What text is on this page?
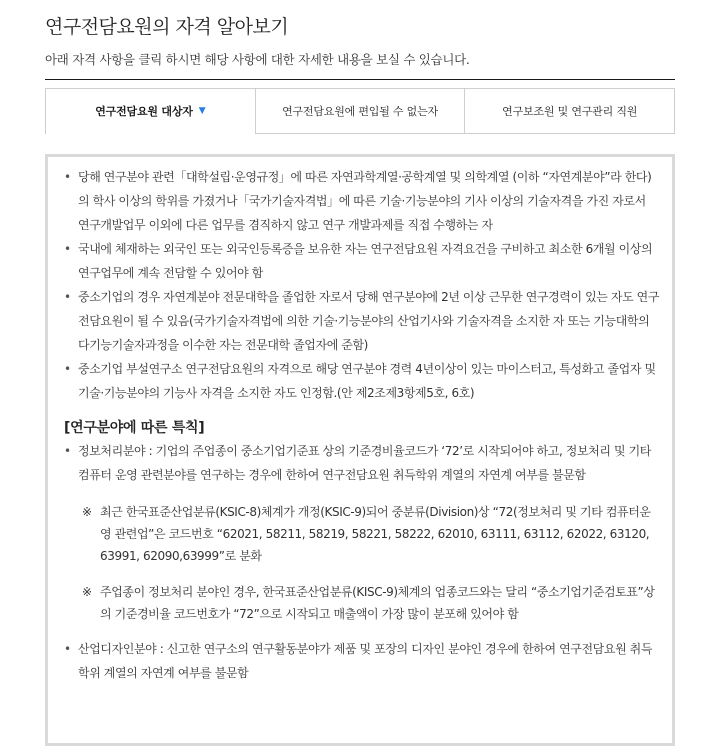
연구전담요원의 자격 알아보기
아래 자격 사항을 클릭 하시면 해당 사항에 대한 자세한 내용을 보실 수 있습니다.
연구전담요원 대상자 ▼	연구전담요원에 편입될 수 없는자	연구보조원 및 연구관리 직원
• 당해 연구분야 관련「대학설립·운영규정」에 따른 자연과학계열·공학계열 및 의학계열 (이하 “자연계분야”라 한다)의 학사 이상의 학위를 가졌거나「국가기술자격법」에 따른 기술·기능분야의 기사 이상의 기술자격을 가진 자로서 연구개발업무 이외에 다른 업무를 겸직하지 않고 연구 개발과제를 직접 수행하는 자
• 국내에 체재하는 외국인 또는 외국인등록증을 보유한 자는 연구전담요원 자격요건을 구비하고 최소한 6개월 이상의 연구업무에 계속 전담할 수 있어야 함
• 중소기업의 경우 자연계분야 전문대학을 졸업한 자로서 당해 연구분야에 2년 이상 근무한 연구경력이 있는 자도 연구전담요원이 될 수 있음(국가기술자격법에 의한 기술·기능분야의 산업기사와 기술자격을 소지한 자 또는 기능대학의 다기능기술자과정을 이수한 자는 전문대학 졸업자에 준함)
• 중소기업 부설연구소 연구전담요원의 자격으로 해당 연구분야 경력 4년이상이 있는 마이스터고, 특성화고 졸업자 및 기술·기능분야의 기능사 자격을 소지한 자도 인정함.(안 제2조제3항제5호, 6호)
[연구분야에 따른 특칙]
• 정보처리분야 : 기업의 주업종이 중소기업기준표 상의 기준경비율코드가 ‘72’로 시작되어야 하고, 정보처리 및 기타컴퓨터 운영 관련분야를 연구하는 경우에 한하여 연구전담요원 취득학위 계열의 자연계 여부를 불문함
※ 최근 한국표준산업분류(KSIC-8)체계가 개정(KSIC-9)되어 중분류(Division)상 “72(정보처리 및 기타 컴퓨터운영 관련업”은 코드번호 “62021, 58211, 58219, 58221, 58222, 62010, 63111, 63112, 62022, 63120, 63991, 62090,63999”로 분화
※ 주업종이 정보처리 분야인 경우, 한국표준산업분류(KISC-9)체계의 업종코드와는 달리 “중소기업기준검토표”상의 기준경비율 코드번호가 “72”으로 시작되고 매출액이 가장 많이 분포해 있어야 함
• 산업디자인분야 : 신고한 연구소의 연구활동분야가 제품 및 포장의 디자인 분야인 경우에 한하여 연구전담요원 취득 학위 계열의 자연계 여부를 불문함
